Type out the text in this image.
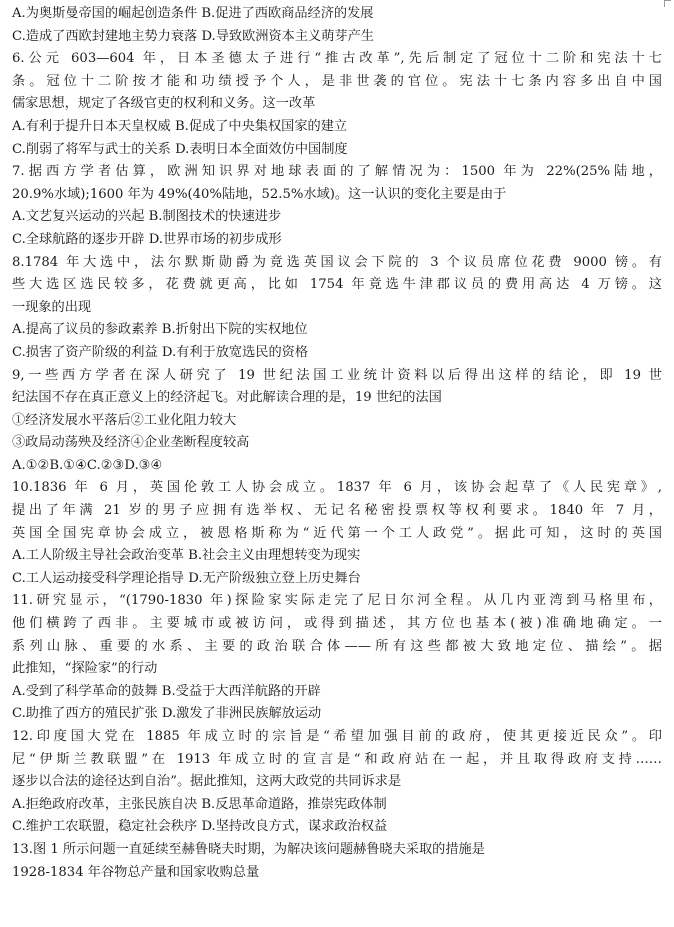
A.为奥斯曼帝国的崛起创造条件 B.促进了西欧商品经济的发展
C.造成了西欧封建地主势力衰落 D.导致欧洲资本主义萌芽产生
6.公元 603—604 年，日本圣德太子进行“推古改革”,先后制定了冠位十二阶和宪法十七
条。冠位十二阶按才能和功绩授予个人，是非世袭的官位。宪法十七条内容多出自中国
儒家思想，规定了各级官吏的权利和义务。这一改革
A.有利于提升日本天皇权威 B.促成了中央集权国家的建立
C.削弱了将军与武士的关系 D.表明日本全面效仿中国制度
7.据西方学者估算，欧洲知识界对地球表面的了解情况为：1500 年为 22%(25%陆地，
20.9%水域);1600 年为 49%(40%陆地，52.5%水域)。这一认识的变化主要是由于
A.文艺复兴运动的兴起 B.制图技术的快速进步
C.全球航路的逐步开辟 D.世界市场的初步成形
8.1784 年大选中，法尔默斯勋爵为竟选英国议会下院的 3 个议员席位花费 9000 镑。有
些大选区选民较多，花费就更高，比如 1754 年竟选牛津郡议员的费用高达 4 万镑。这
一现象的出现
A.提高了议员的参政素养 B.折射出下院的实权地位
C.损害了资产阶级的利益 D.有利于放宽选民的资格
9,一些西方学者在深人研究了 19 世纪法国工业统计资料以后得出这样的结论，即 19 世
纪法国不存在真正意义上的经济起飞。对此解读合理的是，19 世纪的法国
①经济发展水平落后②工业化阻力较大
③政局动荡殃及经济④企业垄断程度较高
A.①②B.①④C.②③D.③④
10.1836 年 6 月，英国伦敦工人协会成立。1837 年 6 月，该协会起草了《人民宪章》,
提出了年满 21 岁的男子应拥有选举权、无记名秘密投票权等权利要求。1840 年 7 月，
英国全国宪章协会成立，被恩格斯称为“近代第一个工人政党”。据此可知，这时的英国
A.工人阶级主导社会政治变革 B.社会主义由理想转变为现实
C.工人运动接受科学理论指导 D.无产阶级独立登上历史舞台
11.研究显示，“(1790-1830 年)探险家实际走完了尼日尔河全程。从几内亚湾到马格里布，
他们横跨了西非。主要城市或被访问，或得到描述，其方位也基本(被)准确地确定。一
系列山脉、重要的水系、主要的政治联合体——所有这些都被大致地定位、描绘”。据
此推知，“探险家”的行动
A.受到了科学革命的鼓舞 B.受益于大西洋航路的开辟
C.助推了西方的殖民扩张 D.激发了非洲民族解放运动
12.印度国大党在 1885 年成立时的宗旨是“希望加强目前的政府，使其更接近民众”。印
尼“伊斯兰教联盟”在 1913 年成立时的宣言是“和政府站在一起，并且取得政府支持……
逐步以合法的途径达到自治”。据此推知，这两大政党的共同诉求是
A.拒绝政府改革，主张民族自决 B.反思革命道路，推崇宪政体制
C.维护工农联盟，稳定社会秩序 D.坚持改良方式，谋求政治权益
13.图 1 所示问题一直延续至赫鲁晓夫时期，为解决该问题赫鲁晓夫采取的措施是
1928-1834 年谷物总产量和国家收购总量
